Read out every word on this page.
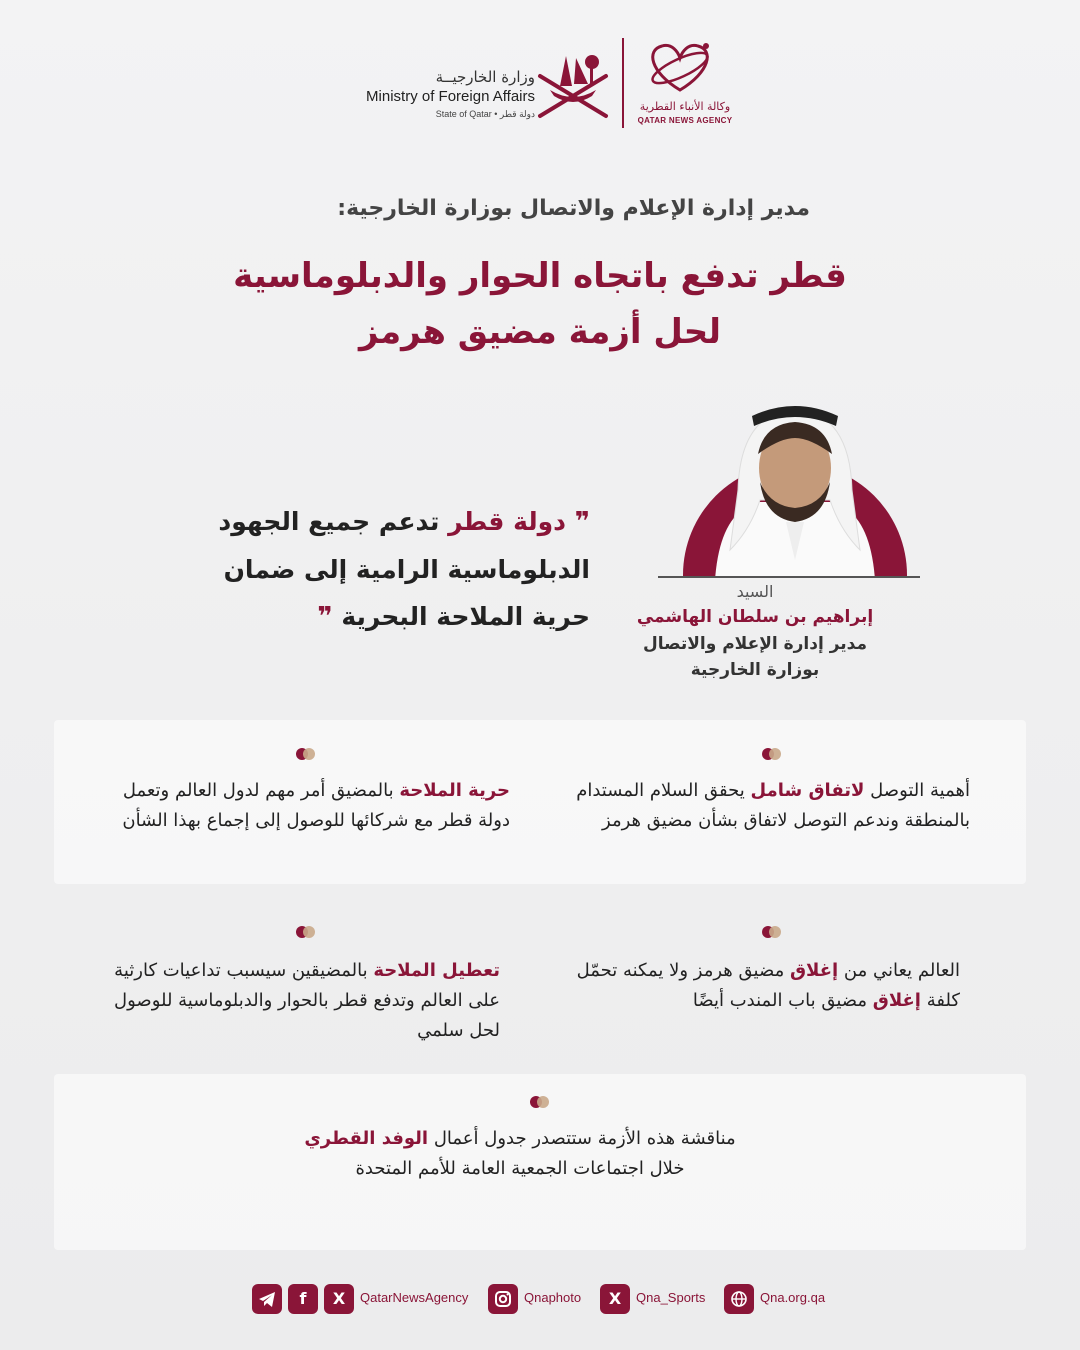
وزارة الخارجيــة
Ministry of Foreign Affairs
State of Qatar • دولة قطر
وكالة الأنباء القطرية
QATAR NEWS AGENCY
مدير إدارة الإعلام والاتصال بوزارة الخارجية:
قطر تدفع باتجاه الحوار والدبلوماسية
لحل أزمة مضيق هرمز
❞ دولة قطر تدعم جميع الجهود
الدبلوماسية الرامية إلى ضمان
حرية الملاحة البحرية ❞
السيد
إبراهيم بن سلطان الهاشمي
مدير إدارة الإعلام والاتصال
بوزارة الخارجية
أهمية التوصل لاتفاق شامل يحقق السلام المستدام بالمنطقة وندعم التوصل لاتفاق بشأن مضيق هرمز
حرية الملاحة بالمضيق أمر مهم لدول العالم وتعمل دولة قطر مع شركائها للوصول إلى إجماع بهذا الشأن
العالم يعاني من إغلاق مضيق هرمز ولا يمكنه تحمّل كلفة إغلاق مضيق باب المندب أيضًا
تعطيل الملاحة بالمضيقين سيسبب تداعيات كارثية على العالم وتدفع قطر بالحوار والدبلوماسية للوصول لحل سلمي
مناقشة هذه الأزمة ستتصدر جدول أعمال الوفد القطري خلال اجتماعات الجمعية العامة للأمم المتحدة
f	X	QatarNewsAgency	Qnaphoto	X	Qna_Sports	Qna.org.qa
